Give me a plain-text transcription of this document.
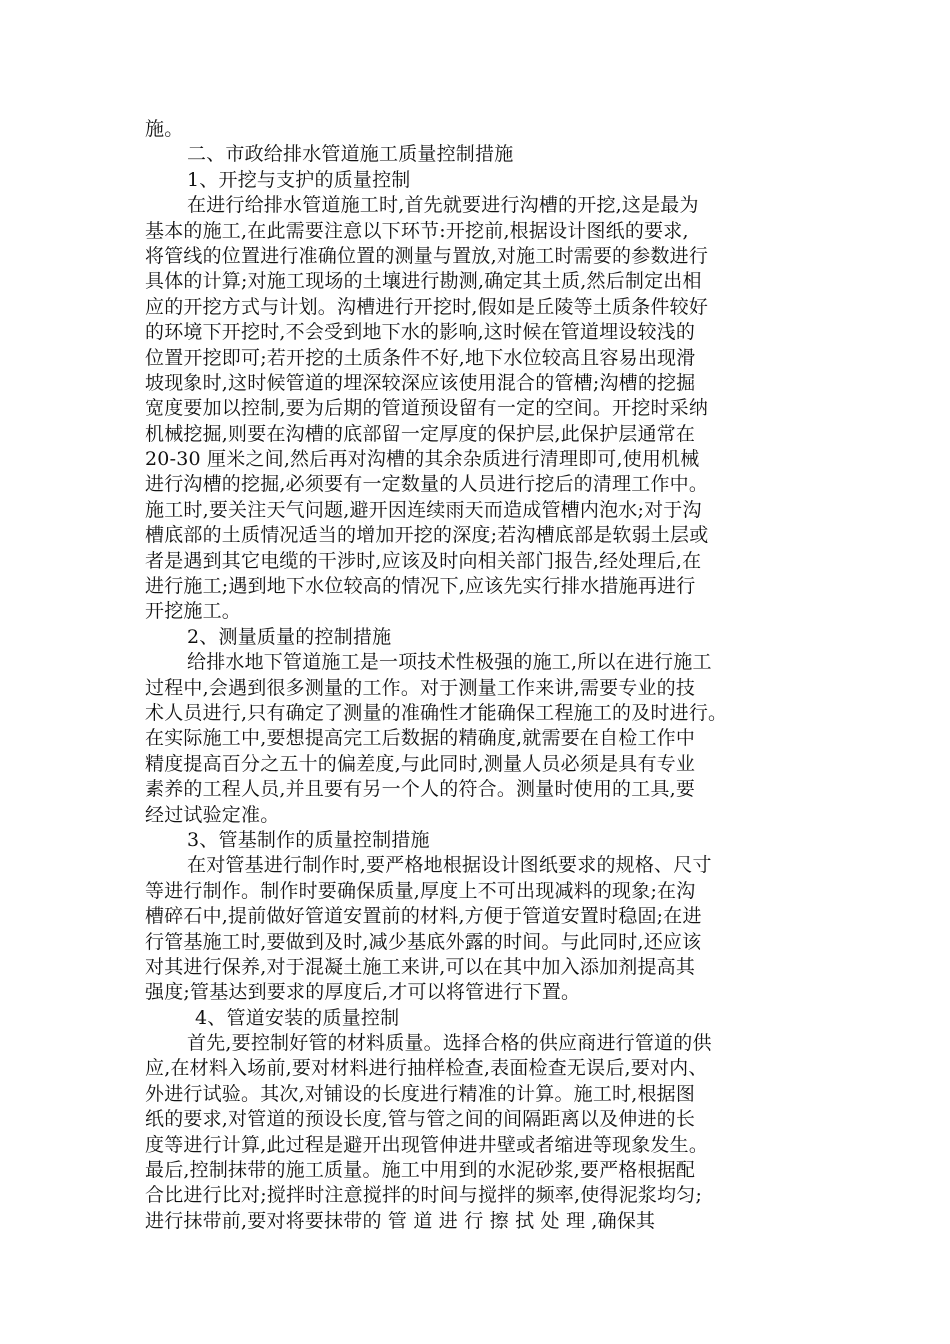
施。
二、市政给排水管道施工质量控制措施
1、开挖与支护的质量控制
在进行给排水管道施工时,首先就要进行沟槽的开挖,这是最为
基本的施工,在此需要注意以下环节:开挖前,根据设计图纸的要求,
将管线的位置进行准确位置的测量与置放,对施工时需要的参数进行
具体的计算;对施工现场的土壤进行勘测,确定其土质,然后制定出相
应的开挖方式与计划。沟槽进行开挖时,假如是丘陵等土质条件较好
的环境下开挖时,不会受到地下水的影响,这时候在管道埋设较浅的
位置开挖即可;若开挖的土质条件不好,地下水位较高且容易出现滑
坡现象时,这时候管道的埋深较深应该使用混合的管槽;沟槽的挖掘
宽度要加以控制,要为后期的管道预设留有一定的空间。开挖时采纳
机械挖掘,则要在沟槽的底部留一定厚度的保护层,此保护层通常在
20-30 厘米之间,然后再对沟槽的其余杂质进行清理即可,使用机械
进行沟槽的挖掘,必须要有一定数量的人员进行挖后的清理工作中。
施工时,要关注天气问题,避开因连续雨天而造成管槽内泡水;对于沟
槽底部的土质情况适当的增加开挖的深度;若沟槽底部是软弱土层或
者是遇到其它电缆的干涉时,应该及时向相关部门报告,经处理后,在
进行施工;遇到地下水位较高的情况下,应该先实行排水措施再进行
开挖施工。
2、测量质量的控制措施
给排水地下管道施工是一项技术性极强的施工,所以在进行施工
过程中,会遇到很多测量的工作。对于测量工作来讲,需要专业的技
术人员进行,只有确定了测量的准确性才能确保工程施工的及时进行。
在实际施工中,要想提高完工后数据的精确度,就需要在自检工作中
精度提高百分之五十的偏差度,与此同时,测量人员必须是具有专业
素养的工程人员,并且要有另一个人的符合。测量时使用的工具,要
经过试验定准。
3、管基制作的质量控制措施
在对管基进行制作时,要严格地根据设计图纸要求的规格、尺寸
等进行制作。制作时要确保质量,厚度上不可出现减料的现象;在沟
槽碎石中,提前做好管道安置前的材料,方便于管道安置时稳固;在进
行管基施工时,要做到及时,减少基底外露的时间。与此同时,还应该
对其进行保养,对于混凝土施工来讲,可以在其中加入添加剂提高其
强度;管基达到要求的厚度后,才可以将管进行下置。
4、管道安装的质量控制
首先,要控制好管的材料质量。选择合格的供应商进行管道的供
应,在材料入场前,要对材料进行抽样检查,表面检查无误后,要对内、
外进行试验。其次,对铺设的长度进行精准的计算。施工时,根据图
纸的要求,对管道的预设长度,管与管之间的间隔距离以及伸进的长
度等进行计算,此过程是避开出现管伸进井壁或者缩进等现象发生。
最后,控制抹带的施工质量。施工中用到的水泥砂浆,要严格根据配
合比进行比对;搅拌时注意搅拌的时间与搅拌的频率,使得泥浆均匀;
进行抹带前,要对将要抹带的 管 道 进 行 擦 拭 处 理 ,确保其
